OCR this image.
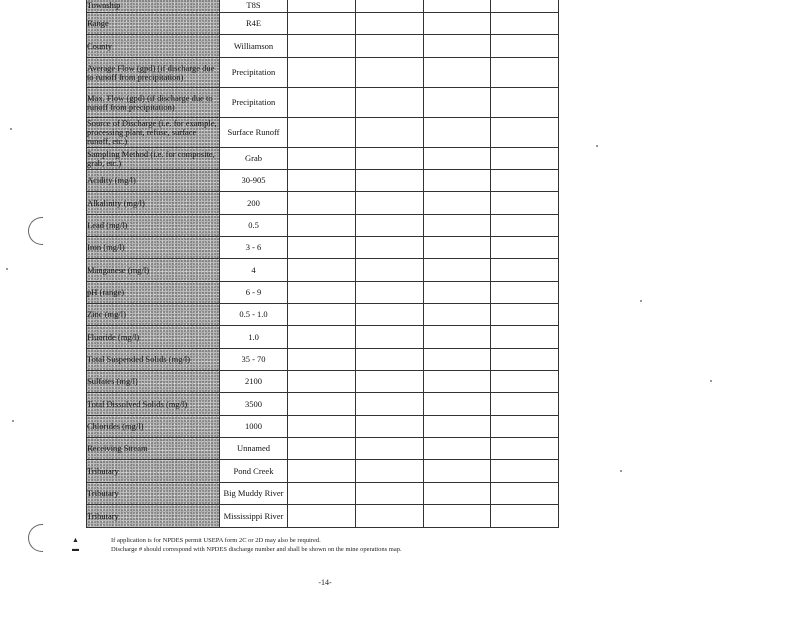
Township	T8S				
Range	R4E				
County	Williamson				
Average Flow (gpd) (if discharge due to runoff from precipitation)	Precipitation				
Max. Flow (gpd) (if discharge due to runoff from precipitation)	Precipitation				
Source of Discharge (i.e. for example, processing plant, refuse, surface runoff, etc.)	Surface Runoff				
Sampling Method (i.e. for composite, grab, etc.)	Grab				
Acidity (mg/l)	30-905				
Alkalinity (mg/l)	200				
Lead (mg/l)	0.5				
Iron (mg/l)	3 - 6				
Manganese (mg/l)	4				
pH (range)	6 - 9				
Zinc (mg/l)	0.5 - 1.0				
Fluoride (mg/l)	1.0				
Total Suspended Solids (mg/l)	35 - 70				
Sulfates (mg/l)	2100				
Total Dissolved Solids (mg/l)	3500				
Chlorides (mg/l)	1000				
Receiving Stream	Unnamed				
Tributary	Pond Creek				
Tributary	Big Muddy River				
Tributary	Mississippi River				
▲
▬
If application is for NPDES permit USEPA form 2C or 2D may also be required.
Discharge # should correspond with NPDES discharge number and shall be shown on the mine operations map.
-14-
